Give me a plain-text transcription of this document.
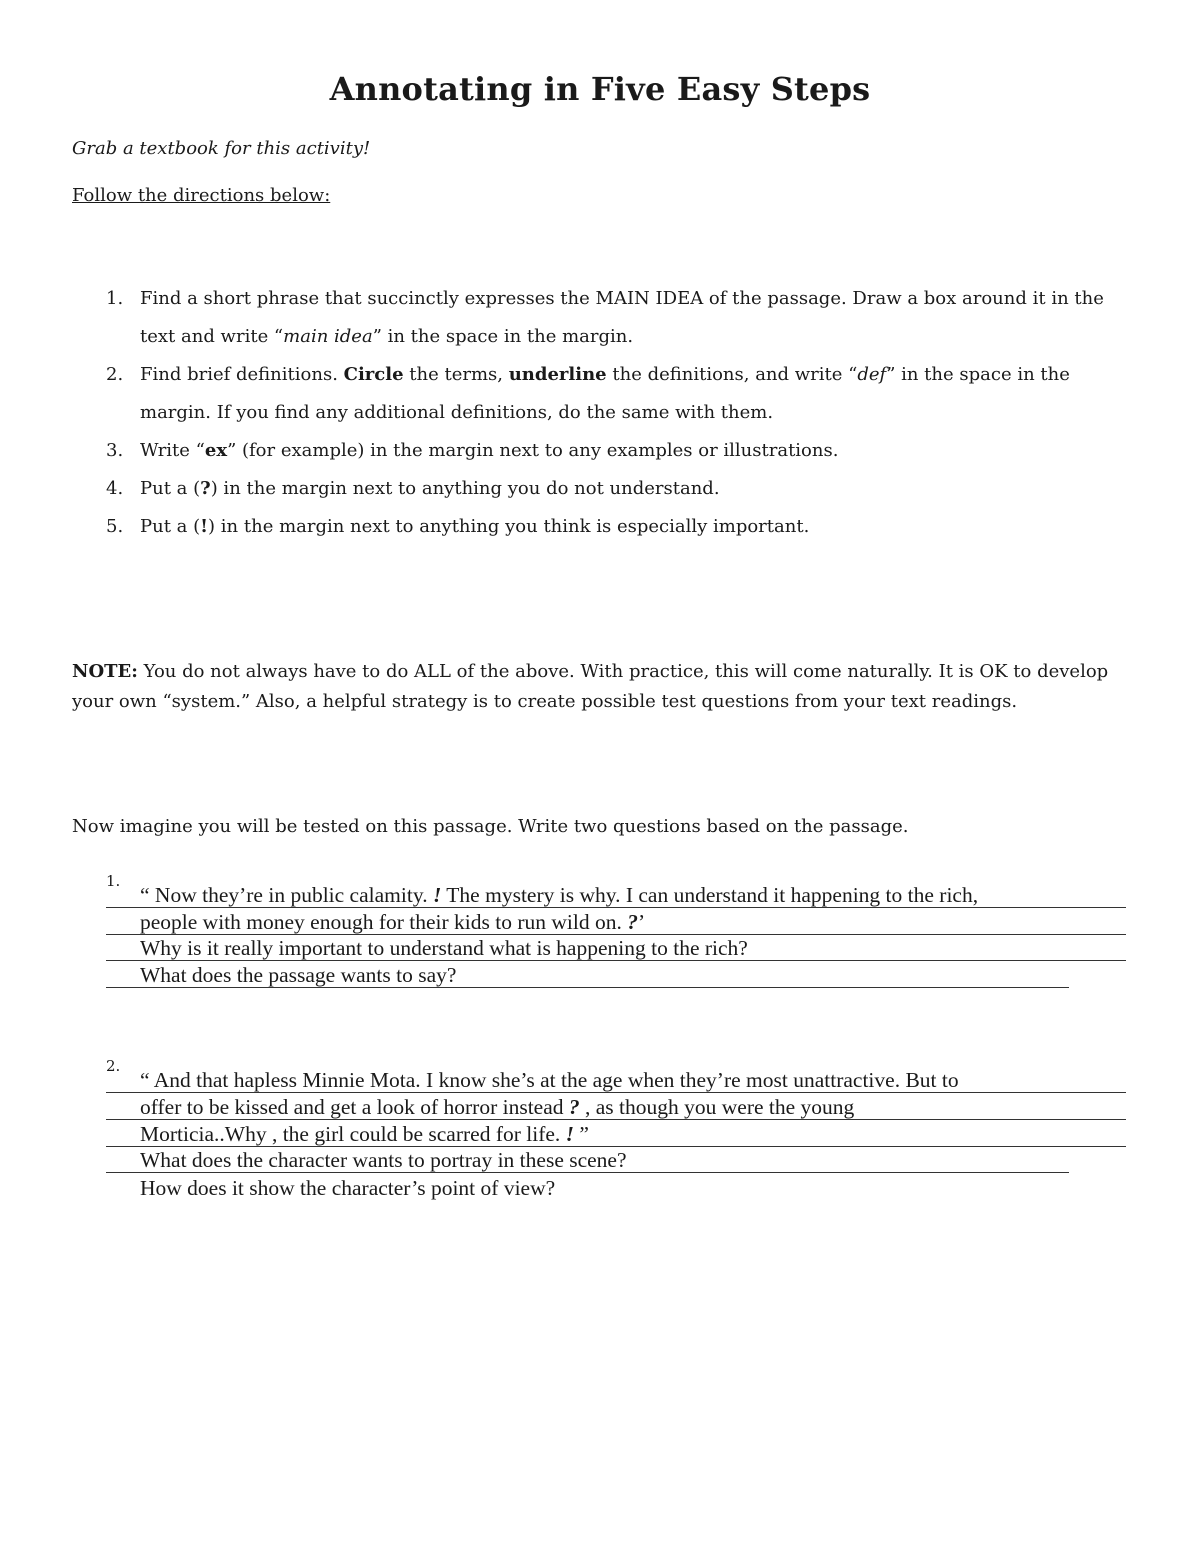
Annotating in Five Easy Steps
Grab a textbook for this activity!
Follow the directions below:
1. Find a short phrase that succinctly expresses the MAIN IDEA of the passage. Draw a box around it in the text and write “main idea” in the space in the margin.
2. Find brief definitions. Circle the terms, underline the definitions, and write “def” in the space in the margin. If you find any additional definitions, do the same with them.
3. Write “ex” (for example) in the margin next to any examples or illustrations.
4. Put a (?) in the margin next to anything you do not understand.
5. Put a (!) in the margin next to anything you think is especially important.
NOTE: You do not always have to do ALL of the above. With practice, this will come naturally. It is OK to develop your own “system.” Also, a helpful strategy is to create possible test questions from your text readings.
Now imagine you will be tested on this passage. Write two questions based on the passage.
1.
“ Now they’re in public calamity. ! The mystery is why. I can understand it happening to the rich,
people with money enough for their kids to run wild on. ?’
Why is it really important to understand what is happening to the rich?
What does the passage wants to say?
2.
“ And that hapless Minnie Mota. I know she’s at the age when they’re most unattractive. But to
offer to be kissed and get a look of horror instead ? , as though you were the young
Morticia..Why , the girl could be scarred for life. ! ”
What does the character wants to portray in these scene?
How does it show the character’s point of view?
